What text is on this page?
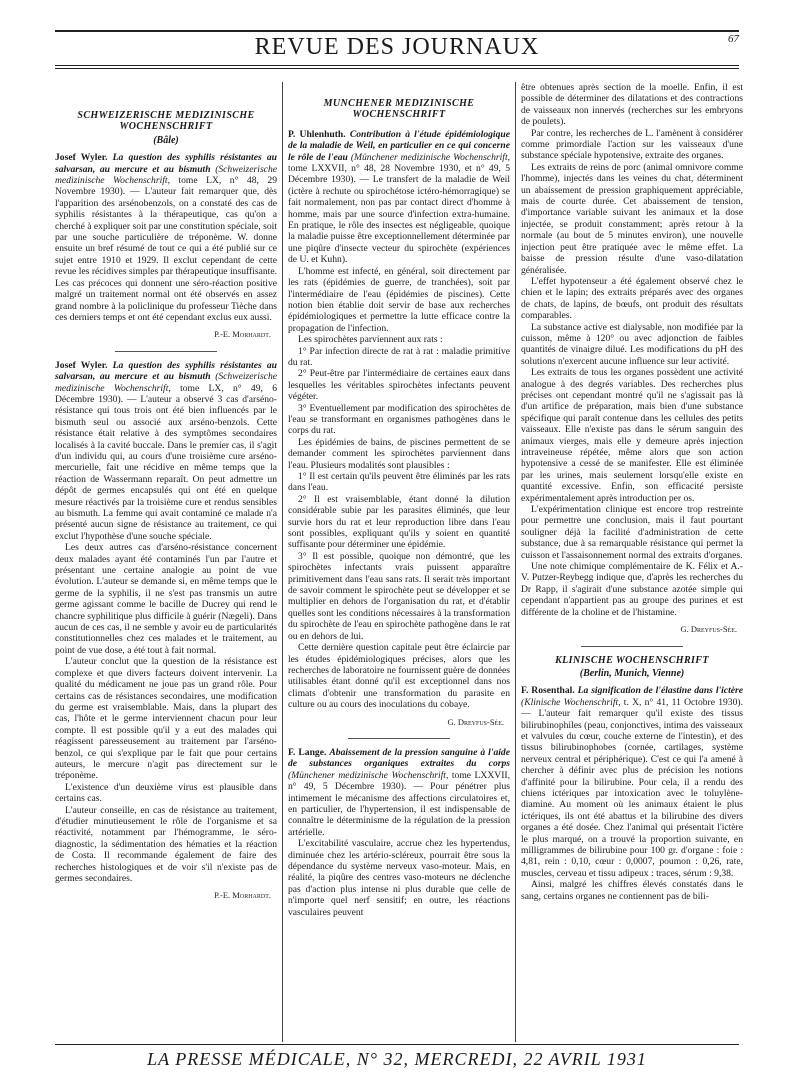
REVUE DES JOURNAUX	67
SCHWEIZERISCHE MEDIZINISCHE WOCHENSCHRIFT
(Bâle)

Josef Wyler. La question des syphilis résistantes au salvarsan, au mercure et au bismuth (Schweizerische medizinische Wochenschrift, tome LX, n° 48, 29 Novembre 1930). — L'auteur fait remarquer que, dès l'apparition des arsénobenzols, on a constaté des cas de syphilis résistantes à la thérapeutique, cas qu'on a cherché à expliquer soit par une constitution spéciale, soit par une souche particulière de tréponème. W. donne ensuite un bref résumé de tout ce qui a été publié sur ce sujet entre 1910 et 1929. Il exclut cependant de cette revue les récidives simples par thérapeutique insuffisante. Les cas précoces qui donnent une séro-réaction positive malgré un traitement normal ont été observés en assez grand nombre à la policlinique du professeur Tièche dans ces derniers temps et ont été cependant exclus eux aussi.

P.-E. Morhardt.

Josef Wyler. La question des syphilis résistantes au salvarsan, au mercure et au bismuth (Schweizerische medizinische Wochenschrift, tome LX, n° 49, 6 Décembre 1930). — L'auteur a observé 3 cas d'arséno-résistance qui tous trois ont été bien influencés par le bismuth seul ou associé aux arséno-benzols. Cette résistance était relative à des symptômes secondaires localisés à la cavité buccale. Dans le premier cas, il s'agit d'un individu qui, au cours d'une troisième cure arséno-mercurielle, fait une récidive en même temps que la réaction de Wassermann reparaît. On peut admettre un dépôt de germes encapsulés qui ont été en quelque mesure réactivés par la troisième cure et rendus sensibles au bismuth. La femme qui avait contaminé ce malade n'a présenté aucun signe de résistance au traitement, ce qui exclut l'hypothèse d'une souche spéciale.

Les deux autres cas d'arséno-résistance concernent deux malades ayant été contaminés l'un par l'autre et présentant une certaine analogie au point de vue évolution. L'auteur se demande si, en même temps que le germe de la syphilis, il ne s'est pas transmis un autre germe agissant comme le bacille de Ducrey qui rend le chancre syphilitique plus difficile à guérir (Nægeli). Dans aucun de ces cas, il ne semble y avoir eu de particularités constitutionnelles chez ces malades et le traitement, au point de vue dose, a été tout à fait normal.

L'auteur conclut que la question de la résistance est complexe et que divers facteurs doivent intervenir. La qualité du médicament ne joue pas un grand rôle. Pour certains cas de résistances secondaires, une modification du germe est vraisemblable. Mais, dans la plupart des cas, l'hôte et le germe interviennent chacun pour leur compte. Il est possible qu'il y a eut des malades qui réagissent paresseusement au traitement par l'arséno-benzol, ce qui s'explique par le fait que pour certains auteurs, le mercure n'agit pas directement sur le tréponème.

L'existence d'un deuxième virus est plausible dans certains cas.

L'auteur conseille, en cas de résistance au traitement, d'étudier minutieusement le rôle de l'organisme et sa réactivité, notamment par l'hémogramme, le séro-diagnostic, la sédimentation des hématies et la réaction de Costa. Il recommande également de faire des recherches histologiques et de voir s'il n'existe pas de germes secondaires.

P.-E. Morhardt.
MUNCHENER MEDIZINISCHE WOCHENSCHRIFT

P. Uhlenhuth. Contribution à l'étude épidémiologique de la maladie de Weil, en particulier en ce qui concerne le rôle de l'eau (Münchener medizinische Wochenschrift, tome LXXVII, n° 48, 28 Novembre 1930, et n° 49, 5 Décembre 1930). — Le transfert de la maladie de Weil (ictère à rechute ou spirochétose ictéro-hémorragique) se fait normalement, non pas par contact direct d'homme à homme, mais par une source d'infection extra-humaine. En pratique, le rôle des insectes est négligeable, quoique la maladie puisse être exceptionnellement déterminée par une piqûre d'insecte vecteur du spirochète (expériences de U. et Kuhn).

L'homme est infecté, en général, soit directement par les rats (épidémies de guerre, de tranchées), soit par l'intermédiaire de l'eau (épidémies de piscines). Cette notion bien établie doit servir de base aux recherches épidémiologiques et permettre la lutte efficace contre la propagation de l'infection.

Les spirochètes parviennent aux rats :

1° Par infection directe de rat à rat : maladie primitive du rat.

2° Peut-être par l'intermédiaire de certaines eaux dans lesquelles les véritables spirochètes infectants peuvent végéter.

3° Eventuellement par modification des spirochètes de l'eau se transformant en organismes pathogènes dans le corps du rat.

Les épidémies de bains, de piscines permettent de se demander comment les spirochètes parviennent dans l'eau. Plusieurs modalités sont plausibles :

1° Il est certain qu'ils peuvent être éliminés par les rats dans l'eau.

2° Il est vraisemblable, étant donné la dilution considérable subie par les parasites éliminés, que leur survie hors du rat et leur reproduction libre dans l'eau sont possibles, expliquant qu'ils y soient en quantité suffisante pour déterminer une épidémie.

3° Il est possible, quoique non démontré, que les spirochètes infectants vrais puissent apparaître primitivement dans l'eau sans rats. Il serait très important de savoir comment le spirochète peut se développer et se multiplier en dehors de l'organisation du rat, et d'établir quelles sont les conditions nécessaires à la transformation du spirochète de l'eau en spirochète pathogène dans le rat ou en dehors de lui.

Cette dernière question capitale peut être éclaircie par les études épidémiologiques précises, alors que les recherches de laboratoire ne fournissent guère de données utilisables étant donné qu'il est exceptionnel dans nos climats d'obtenir une transformation du parasite en culture ou au cours des inoculations du cobaye.

G. Dreyfus-Sée.

F. Lange. Abaissement de la pression sanguine à l'aide de substances organiques extraites du corps (Münchener medizinische Wochenschrift, tome LXXVII, n° 49, 5 Décembre 1930). — Pour pénétrer plus intimement le mécanisme des affections circulatoires et, en particulier, de l'hypertension, il est indispensable de connaître le déterminisme de la régulation de la pression artérielle.

L'excitabilité vasculaire, accrue chez les hypertendus, diminuée chez les artério-scléreux, pourrait être sous la dépendance du système nerveux vaso-moteur. Mais, en réalité, la piqûre des centres vaso-moteurs ne déclenche pas d'action plus intense ni plus durable que celle de n'importe quel nerf sensitif; en outre, les réactions vasculaires peuvent

être obtenues après section de la moelle. Enfin, il est possible de déterminer des dilatations et des contractions de vaisseaux non innervés (recherches sur les embryons de poulets).

Par contre, les recherches de L. l'amènent à considérer comme primordiale l'action sur les vaisseaux d'une substance spéciale hypotensive, extraite des organes.

Les extraits de reins de porc (animal omnivore comme l'homme), injectés dans les veines du chat, déterminent un abaissement de pression graphiquement appréciable, mais de courte durée. Cet abaissement de tension, d'importance variable suivant les animaux et la dose injectée, se produit constamment; après retour à la normale (au bout de 5 minutes environ), une nouvelle injection peut être pratiquée avec le même effet. La baisse de pression résulte d'une vaso-dilatation généralisée.

L'effet hypotenseur a été également observé chez le chien et le lapin; des extraits préparés avec des organes de chats, de lapins, de bœufs, ont produit des résultats comparables.

La substance active est dialysable, non modifiée par la cuisson, même à 120° ou avec adjonction de faibles quantités de vinaigre dilué. Les modifications du pH des solutions n'exercent aucune influence sur leur activité.

Les extraits de tous les organes possèdent une activité analogue à des degrés variables. Des recherches plus précises ont cependant montré qu'il ne s'agissait pas là d'un artifice de préparation, mais bien d'une substance spécifique qui paraît contenue dans les cellules des petits vaisseaux. Elle n'existe pas dans le sérum sanguin des animaux vierges, mais elle y demeure après injection intraveineuse répétée, même alors que son action hypotensive a cessé de se manifester. Elle est éliminée par les urines, mais seulement lorsqu'elle existe en quantité excessive. Enfin, son efficacité persiste expérimentalement après introduction per os.

L'expérimentation clinique est encore trop restreinte pour permettre une conclusion, mais il faut pourtant souligner déjà la facilité d'administration de cette substance, due à sa remarquable résistance qui permet la cuisson et l'assaisonnement normal des extraits d'organes.

Une note chimique complémentaire de K. Félix et A.-V. Putzer-Reybegg indique que, d'après les recherches du Dr Rapp, il s'agirait d'une substance azotée simple qui cependant n'appartient pas au groupe des purines et est différente de la choline et de l'histamine.

G. Dreyfus-Sée.
KLINISCHE WOCHENSCHRIFT
(Berlin, Munich, Vienne)

F. Rosenthal. La signification de l'élastine dans l'ictère (Klinische Wochenschrift, t. X, n° 41, 11 Octobre 1930). — L'auteur fait remarquer qu'il existe des tissus bilirubinophiles (peau, conjonctives, intima des vaisseaux et valvules du cœur, couche externe de l'intestin), et des tissus bilirubinophobes (cornée, cartilages, système nerveux central et périphérique). C'est ce qui l'a amené à chercher à définir avec plus de précision les notions d'affinité pour la bilirubine. Pour cela, il a rendu des chiens ictériques par intoxication avec le toluylène-diamine. Au moment où les animaux étaient le plus ictériques, ils ont été abattus et la bilirubine des divers organes a été dosée. Chez l'animal qui présentait l'ictère le plus marqué, on a trouvé la proportion suivante, en milligrammes de bilirubine pour 100 gr. d'organe : foie : 4,81, rein : 0,10, cœur : 0,0007, poumon : 0,26, rate, muscles, cerveau et tissu adipeux : traces, sérum : 9,38.

Ainsi, malgré les chiffres élevés constatés dans le sang, certains organes ne contiennent pas de bili-

LA PRESSE MÉDICALE, N° 32, MERCREDI, 22 AVRIL 1931
